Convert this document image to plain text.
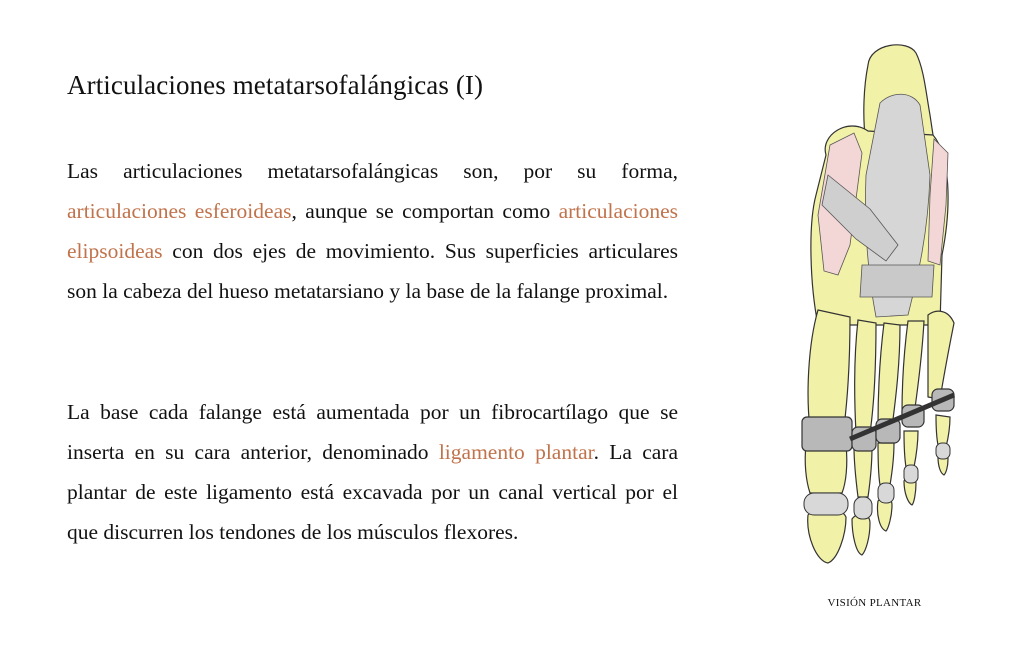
Articulaciones metatarsofalángicas (I)

Las articulaciones metatarsofalángicas son, por su forma, articulaciones esferoideas, aunque se comportan como articulaciones elipsoideas con dos ejes de movimiento. Sus superficies articulares son la cabeza del hueso metatarsiano y la base de la falange proximal.

La base cada falange está aumentada por un fibrocartílago que se inserta en su cara anterior, denominado ligamento plantar. La cara plantar de este ligamento está excavada por un canal vertical por el que discurren los tendones de los músculos flexores.

VISIÓN PLANTAR
